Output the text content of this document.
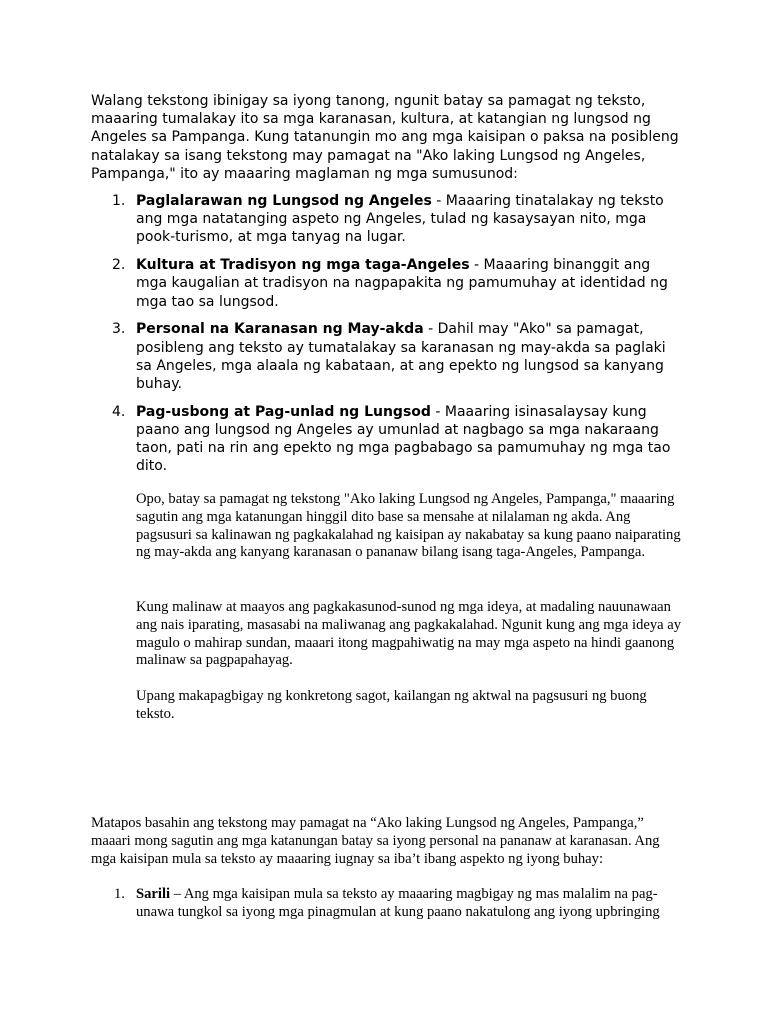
Walang tekstong ibinigay sa iyong tanong, ngunit batay sa pamagat ng teksto, maaaring tumalakay ito sa mga karanasan, kultura, at katangian ng lungsod ng Angeles sa Pampanga. Kung tatanungin mo ang mga kaisipan o paksa na posibleng natalakay sa isang tekstong may pamagat na "Ako laking Lungsod ng Angeles, Pampanga," ito ay maaaring maglaman ng mga sumusunod:

1. Paglalarawan ng Lungsod ng Angeles - Maaaring tinatalakay ng teksto ang mga natatanging aspeto ng Angeles, tulad ng kasaysayan nito, mga pook-turismo, at mga tanyag na lugar.
2. Kultura at Tradisyon ng mga taga-Angeles - Maaaring binanggit ang mga kaugalian at tradisyon na nagpapakita ng pamumuhay at identidad ng mga tao sa lungsod.
3. Personal na Karanasan ng May-akda - Dahil may "Ako" sa pamagat, posibleng ang teksto ay tumatalakay sa karanasan ng may-akda sa paglaki sa Angeles, mga alaala ng kabataan, at ang epekto ng lungsod sa kanyang buhay.
4. Pag-usbong at Pag-unlad ng Lungsod - Maaaring isinasalaysay kung paano ang lungsod ng Angeles ay umunlad at nagbago sa mga nakaraang taon, pati na rin ang epekto ng mga pagbabago sa pamumuhay ng mga tao dito.

Opo, batay sa pamagat ng tekstong "Ako laking Lungsod ng Angeles, Pampanga," maaaring sagutin ang mga katanungan hinggil dito base sa mensahe at nilalaman ng akda. Ang pagsusuri sa kalinawan ng pagkakalahad ng kaisipan ay nakabatay sa kung paano naiparating ng may-akda ang kanyang karanasan o pananaw bilang isang taga-Angeles, Pampanga.

Kung malinaw at maayos ang pagkakasunod-sunod ng mga ideya, at madaling nauunawaan ang nais iparating, masasabi na maliwanag ang pagkakalahad. Ngunit kung ang mga ideya ay magulo o mahirap sundan, maaari itong magpahiwatig na may mga aspeto na hindi gaanong malinaw sa pagpapahayag.

Upang makapagbigay ng konkretong sagot, kailangan ng aktwal na pagsusuri ng buong teksto.

Matapos basahin ang tekstong may pamagat na “Ako laking Lungsod ng Angeles, Pampanga,” maaari mong sagutin ang mga katanungan batay sa iyong personal na pananaw at karanasan. Ang mga kaisipan mula sa teksto ay maaaring iugnay sa iba’t ibang aspekto ng iyong buhay:

1. Sarili – Ang mga kaisipan mula sa teksto ay maaaring magbigay ng mas malalim na pag-unawa tungkol sa iyong mga pinagmulan at kung paano nakatulong ang iyong upbringing
